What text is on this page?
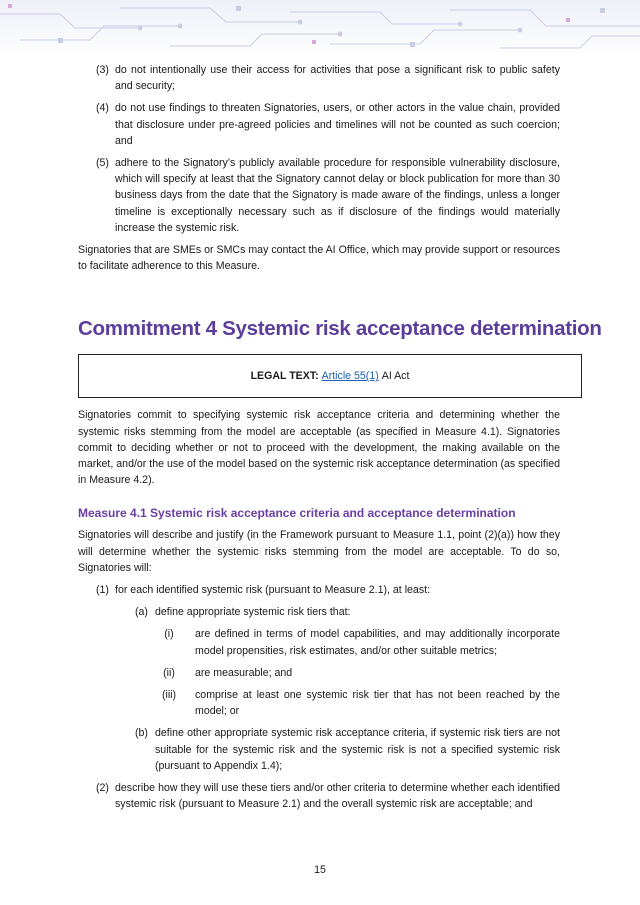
(3) do not intentionally use their access for activities that pose a significant risk to public safety and security;
(4) do not use findings to threaten Signatories, users, or other actors in the value chain, provided that disclosure under pre-agreed policies and timelines will not be counted as such coercion; and
(5) adhere to the Signatory’s publicly available procedure for responsible vulnerability disclosure, which will specify at least that the Signatory cannot delay or block publication for more than 30 business days from the date that the Signatory is made aware of the findings, unless a longer timeline is exceptionally necessary such as if disclosure of the findings would materially increase the systemic risk.

Signatories that are SMEs or SMCs may contact the AI Office, which may provide support or resources to facilitate adherence to this Measure.

Commitment 4 Systemic risk acceptance determination
LEGAL TEXT: Article 55(1) AI Act

Signatories commit to specifying systemic risk acceptance criteria and determining whether the systemic risks stemming from the model are acceptable (as specified in Measure 4.1). Signatories commit to deciding whether or not to proceed with the development, the making available on the market, and/or the use of the model based on the systemic risk acceptance determination (as specified in Measure 4.2).

Measure 4.1 Systemic risk acceptance criteria and acceptance determination

Signatories will describe and justify (in the Framework pursuant to Measure 1.1, point (2)(a)) how they will determine whether the systemic risks stemming from the model are acceptable. To do so, Signatories will:

(1) for each identified systemic risk (pursuant to Measure 2.1), at least:
(a) define appropriate systemic risk tiers that:
(i)	are defined in terms of model capabilities, and may additionally incorporate model propensities, risk estimates, and/or other suitable metrics;
(ii)	are measurable; and
(iii)	comprise at least one systemic risk tier that has not been reached by the model; or
(b) define other appropriate systemic risk acceptance criteria, if systemic risk tiers are not suitable for the systemic risk and the systemic risk is not a specified systemic risk (pursuant to Appendix 1.4);
(2) describe how they will use these tiers and/or other criteria to determine whether each identified systemic risk (pursuant to Measure 2.1) and the overall systemic risk are acceptable; and
15
